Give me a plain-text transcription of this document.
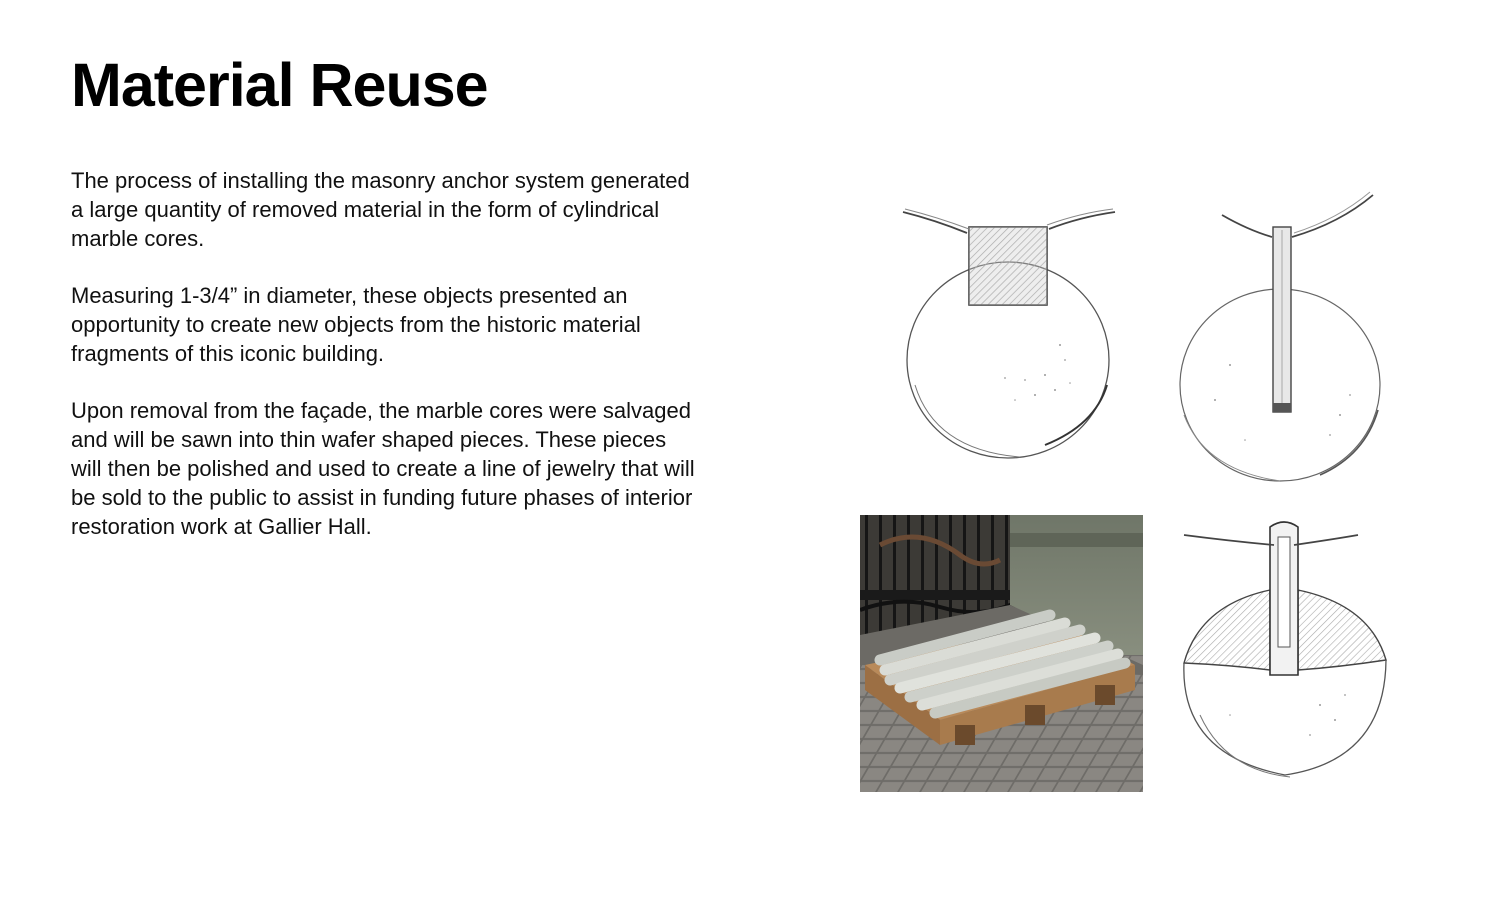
Material Reuse

The process of installing the masonry anchor system generated a large quantity of removed material in the form of cylindrical marble cores.

Measuring 1-3/4” in diameter, these objects presented an opportunity to create new objects from the historic material fragments of this iconic building.

Upon removal from the façade, the marble cores were salvaged and will be sawn into thin wafer shaped pieces. These pieces will then be polished and used to create a line of jewelry that will be sold to the public to assist in funding future phases of interior restoration work at Gallier Hall.
